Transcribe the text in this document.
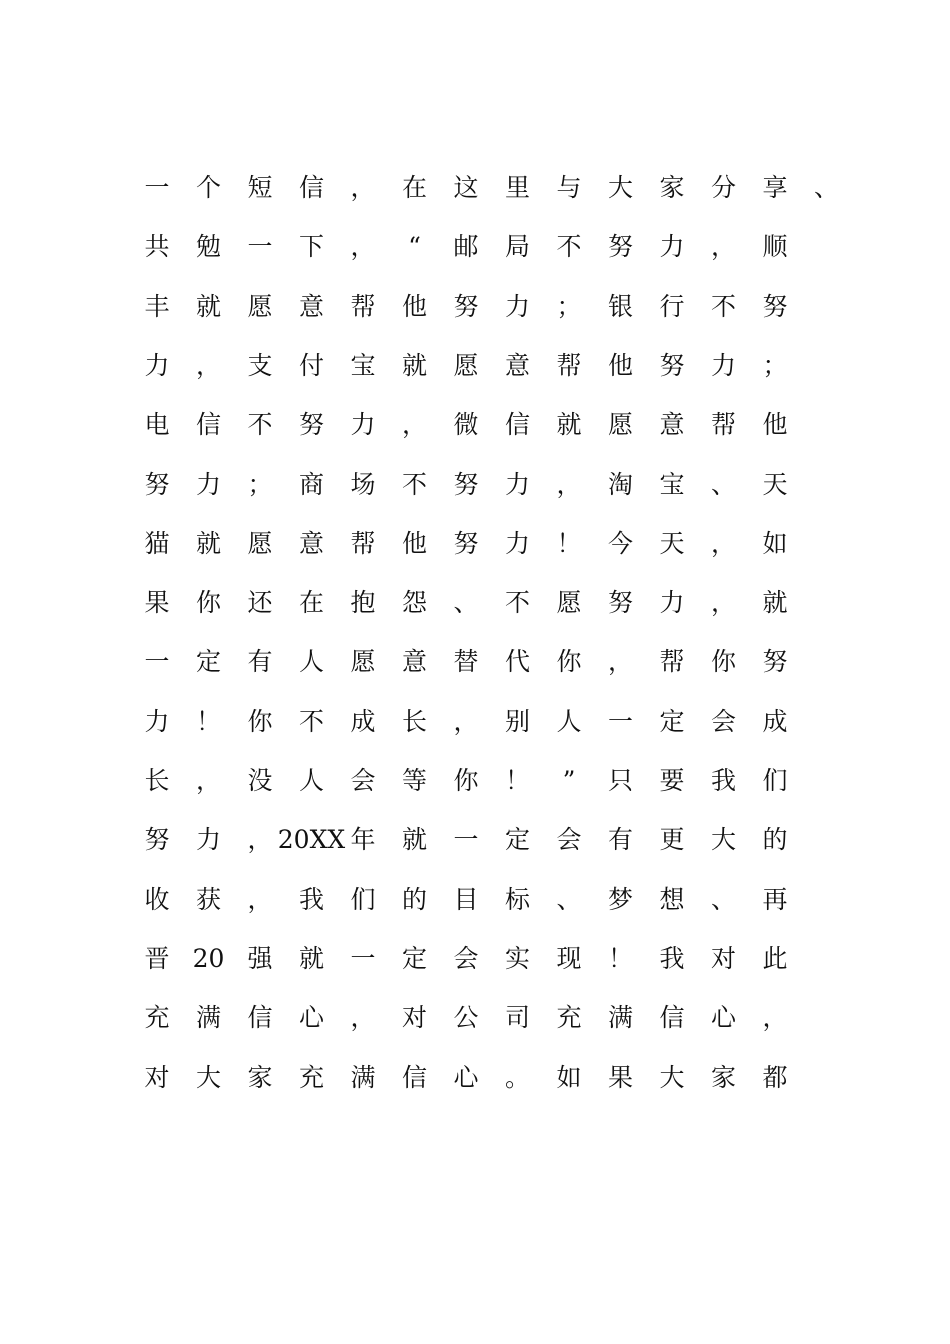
一	个	短	信	，	在	这	里	与	大	家	分	享	、
共	勉	一	下	，	“	邮	局	不	努	力	，	顺
丰	就	愿	意	帮	他	努	力	；	银	行	不	努
力	，	支	付	宝	就	愿	意	帮	他	努	力	；
电	信	不	努	力	，	微	信	就	愿	意	帮	他
努	力	；	商	场	不	努	力	，	淘	宝	、	天
猫	就	愿	意	帮	他	努	力	！	今	天	，	如
果	你	还	在	抱	怨	、	不	愿	努	力	，	就
一	定	有	人	愿	意	替	代	你	，	帮	你	努
力	！	你	不	成	长	，	别	人	一	定	会	成
长	，	没	人	会	等	你	！	”	只	要	我	们
努	力	， 20XX 年	就	一	定	会	有	更	大	的
收	获	，	我	们	的	目	标	、	梦	想	、	再
晋 20 强	就	一	定	会	实	现	！	我	对	此
充	满	信	心	，	对	公	司	充	满	信	心	，
对	大	家	充	满	信	心	。	如	果	大	家	都
